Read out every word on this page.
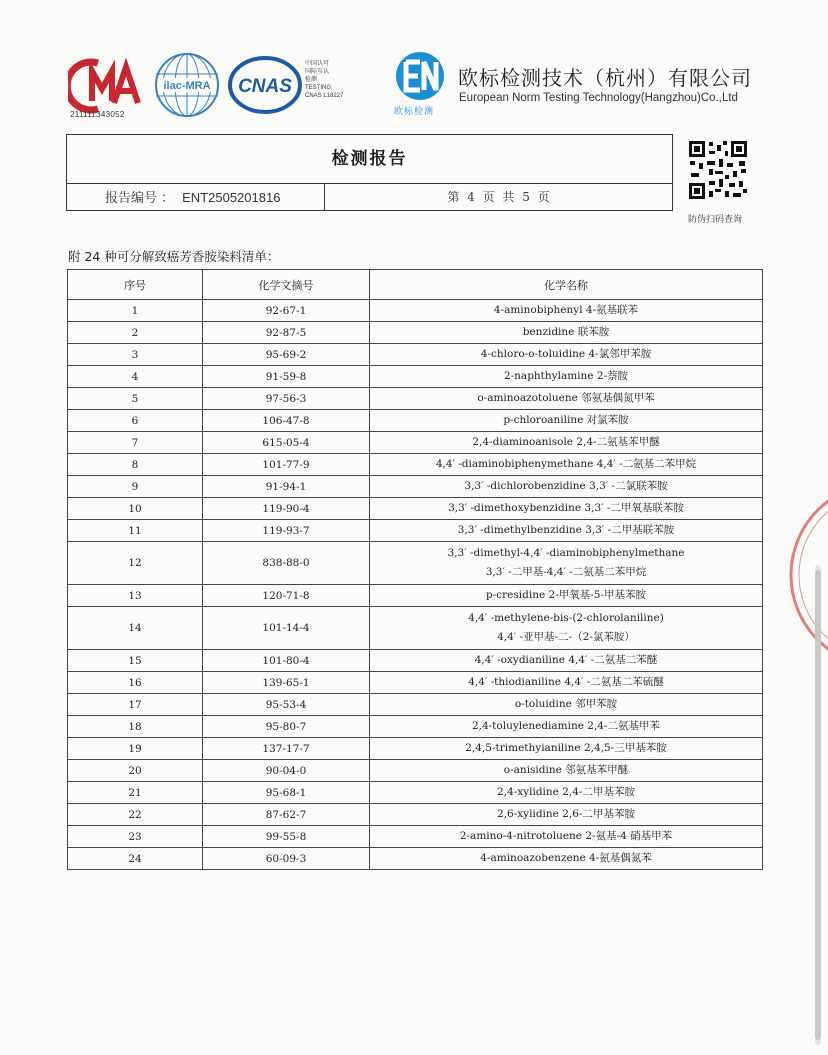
211111343052
ilac-MRA CNAS
中国认可
国际互认
检测
TESTING
CNAS L18227
欧标检测
欧标检测技术（杭州）有限公司
European Norm Testing Technology(Hangzhou)Co.,Ltd
检测报告
报告编号 ： ENT2505201816	第 4 页 共 5 页
防伪扫码查询
附 24 种可分解致癌芳香胺染料清单：
序号	化学文摘号	化学名称
1	92-67-1	4-aminobiphenyl 4-氨基联苯

2	92-87-5	benzidine 联苯胺

3	95-69-2	4-chloro-o-toluidine 4-氯邻甲苯胺

4	91-59-8	2-naphthylamine 2-萘胺

5	97-56-3	o-aminoazotoluene 邻氨基偶氮甲苯

6	106-47-8	p-chloroaniline 对氯苯胺

7	615-05-4	2,4-diaminoanisole 2,4-二氨基苯甲醚

8	101-77-9	4,4′ -diaminobiphenymethane 4,4′ -二氨基二苯甲烷

9	91-94-1	3,3′ -dichlorobenzidine 3,3′ -二氯联苯胺

10	119-90-4	3,3′ -dimethoxybenzidine 3,3′ -二甲氧基联苯胺

11	119-93-7	3,3′ -dimethylbenzidine 3,3′ -二甲基联苯胺

12	838-88-0	3,3′ -dimethyl-4,4′ -diaminobiphenylmethane
3,3′ -二甲基-4,4′ -二氨基二苯甲烷

13	120-71-8	p-cresidine 2-甲氧基-5-甲基苯胺

14	101-14-4	4,4′ -methylene-bis-(2-chlorolaniline)
4,4′ -亚甲基-二-（2-氯苯胺）

15	101-80-4	4,4′ -oxydianiline 4,4′ -二氨基二苯醚

16	139-65-1	4,4′ -thiodianiline 4,4′ -二氨基二苯硫醚

17	95-53-4	o-toluidine 邻甲苯胺

18	95-80-7	2,4-toluylenediamine 2,4-二氨基甲苯

19	137-17-7	2,4,5-trimethyianiline 2,4,5-三甲基苯胺

20	90-04-0	o-anisidine 邻氨基苯甲醚

21	95-68-1	2,4-xylidine 2,4-二甲基苯胺

22	87-62-7	2,6-xylidine 2,6-二甲基苯胺

23	99-55-8	2-amino-4-nitrotoluene 2-氨基-4 硝基甲苯

24	60-09-3	4-aminoazobenzene 4-氨基偶氮苯
